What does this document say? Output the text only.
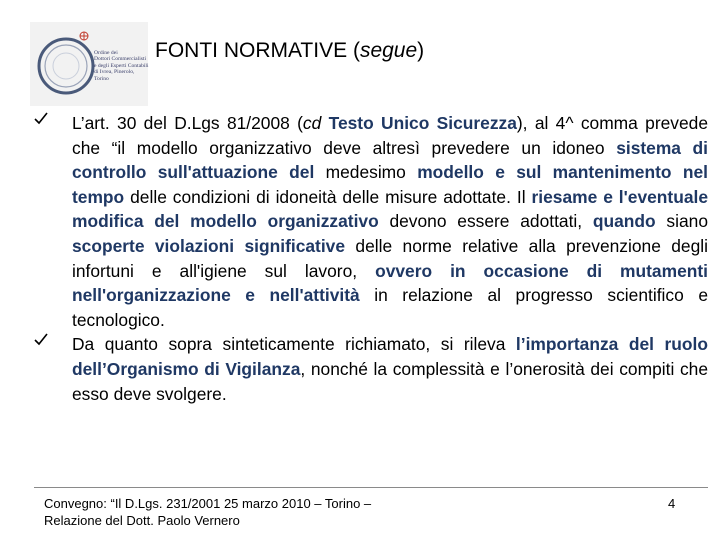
Ordine dei
Dottori Commercialisti
e degli Esperti Contabili
di Ivrea, Pinerolo, Torino
FONTI NORMATIVE (segue)
L’art. 30 del D.Lgs 81/2008 (cd Testo Unico Sicurezza), al 4^ comma prevede che “il modello organizzativo deve altresì prevedere un idoneo sistema di controllo sull'attuazione del medesimo modello e sul mantenimento nel tempo delle condizioni di idoneità delle misure adottate. Il riesame e l'eventuale modifica del modello organizzativo devono essere adottati, quando siano scoperte violazioni significative delle norme relative alla prevenzione degli infortuni e all'igiene sul lavoro, ovvero in occasione di mutamenti nell'organizzazione e nell'attività in relazione al progresso scientifico e tecnologico.
Da quanto sopra sinteticamente richiamato, si rileva l’importanza del ruolo dell’Organismo di Vigilanza, nonché la complessità e l’onerosità dei compiti che esso deve svolgere.
Convegno: “Il D.Lgs. 231/2001 25 marzo 2010 – Torino –
Relazione del Dott. Paolo Vernero
4
